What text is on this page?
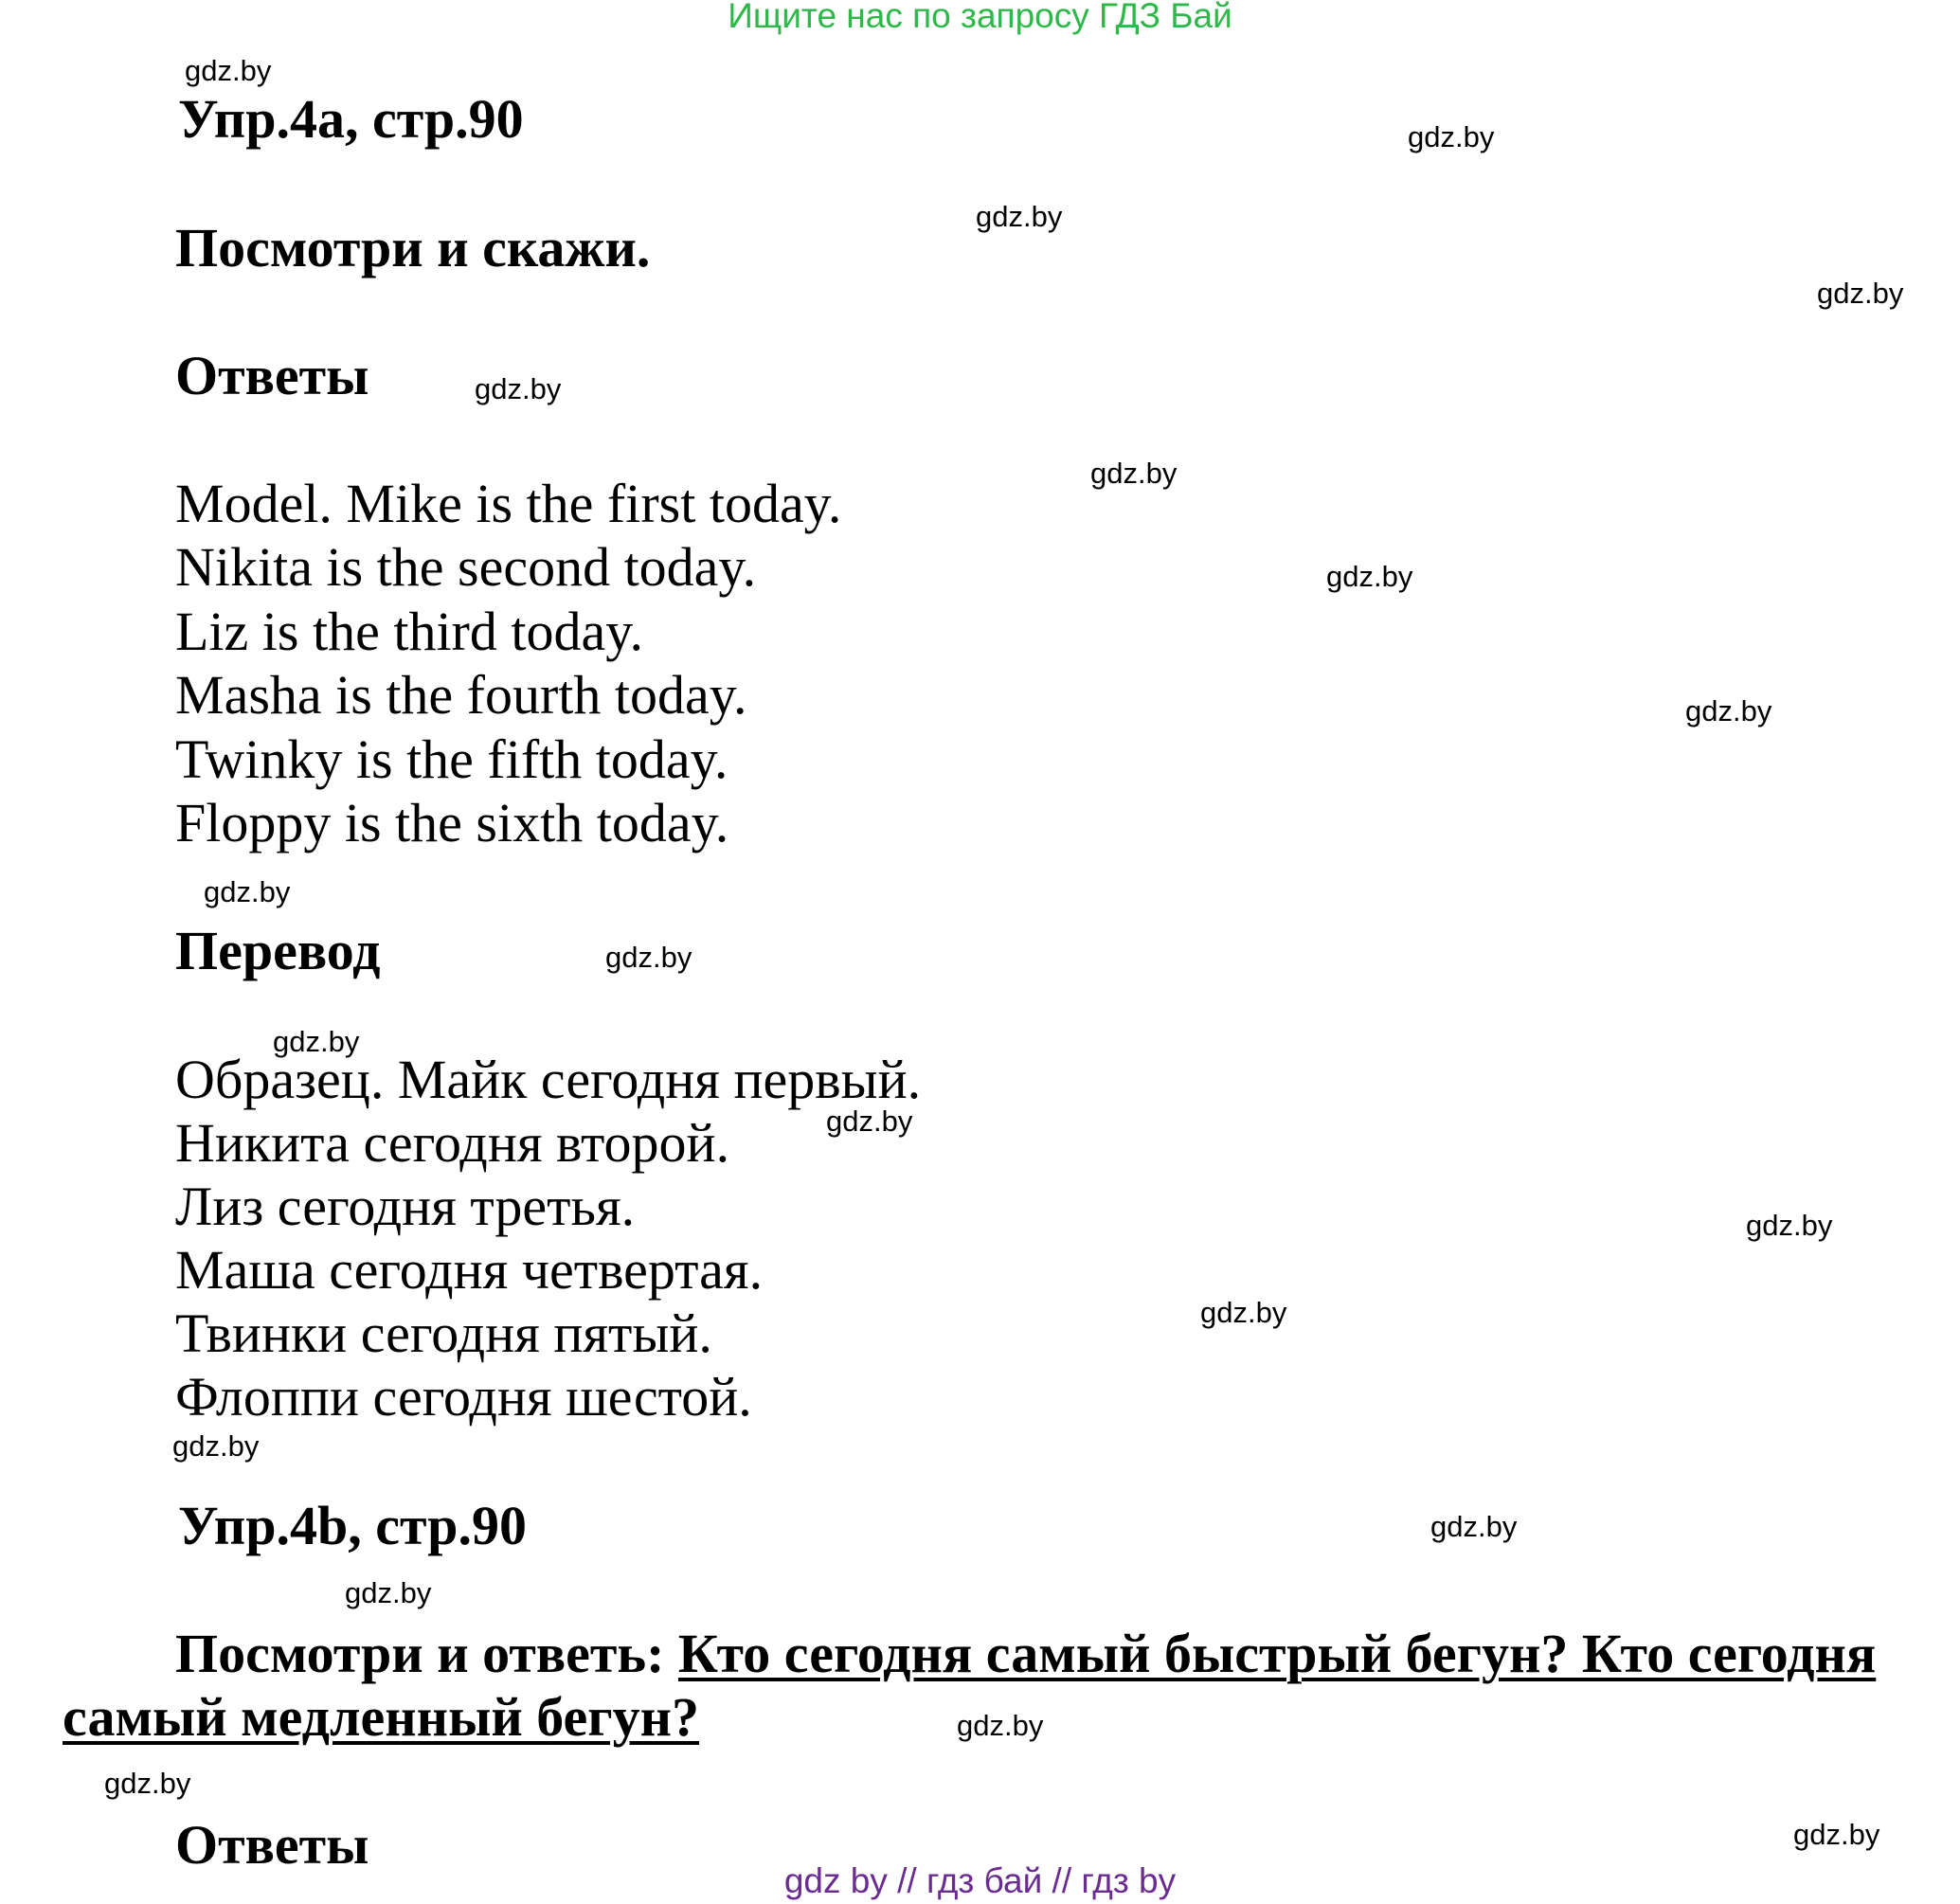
Ищите нас по запросу ГДЗ Бай
gdz.by
gdz.by
gdz.by
gdz.by
gdz.by
gdz.by
gdz.by
gdz.by
gdz.by
gdz.by
gdz.by
gdz.by
gdz.by
gdz.by
gdz.by
gdz.by
gdz.by
gdz.by
gdz.by
gdz.by
Упр.4а, стр.90
Посмотри и скажи.
Ответы
Model. Mike is the first today.
Nikita is the second today.
Liz is the third today.
Masha is the fourth today.
Twinky is the fifth today.
Floppy is the sixth today.
Перевод
Образец. Майк сегодня первый.
Никита сегодня второй.
Лиз сегодня третья.
Маша сегодня четвертая.
Твинки сегодня пятый.
Флоппи сегодня шестой.
Упр.4b, стр.90
Посмотри и ответь: Кто сегодня самый быстрый бегун? Кто сегодня
самый медленный бегун?
Ответы
gdz by // гдз бай // гдз by
